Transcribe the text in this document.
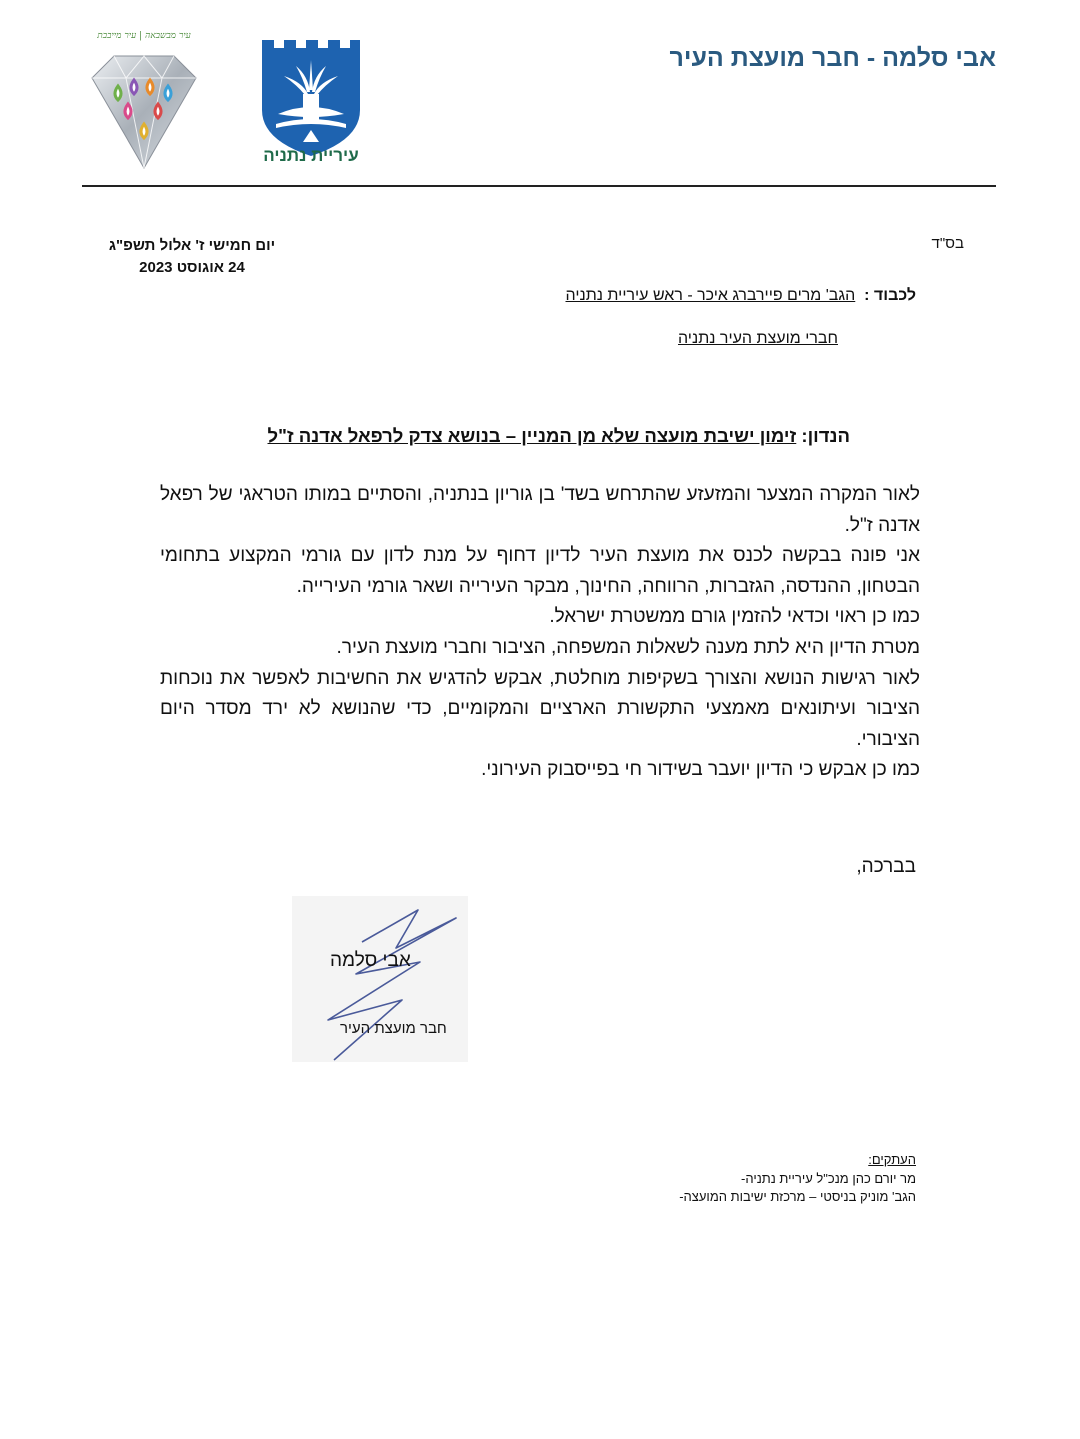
אבי סלמה - חבר מועצת העיר
עיריית נתניה
עיר מבשבאה | עיר מייבבת
בס"ד
יום חמישי ז' אלול תשפ"ג
24 אוגוסט 2023
לכבוד :  הגב' מרים פיירברג איכר - ראש עיריית נתניה
חברי מועצת העיר נתניה
הנדון: זימון ישיבת מועצה שלא מן המניין – בנושא צדק לרפאל אדנה ז"ל

לאור המקרה המצער והמזעזע שהתרחש בשד' בן גוריון בנתניה, והסתיים במותו הטראגי של רפאל אדנה ז"ל.

אני פונה בבקשה לכנס את מועצת העיר לדיון דחוף על מנת לדון עם גורמי המקצוע בתחומי הבטחון, ההנדסה, הגזברות, הרווחה, החינוך, מבקר העירייה ושאר גורמי העירייה.

כמו כן ראוי וכדאי להזמין גורם ממשטרת ישראל.

מטרת הדיון היא לתת מענה לשאלות המשפחה, הציבור וחברי מועצת העיר.

לאור רגישות הנושא והצורך בשקיפות מוחלטת, אבקש להדגיש את החשיבות לאפשר את נוכחות הציבור ועיתונאים מאמצעי התקשורת הארציים והמקומיים, כדי שהנושא לא ירד מסדר היום הציבורי.

כמו כן אבקש כי הדיון יועבר בשידור חי בפייסבוק העירוני.

בברכה,
אבי סלמה
חבר מועצת העיר
העתקים:
מר יורם כהן מנכ"ל עיריית נתניה-
הגב' מוניק בניסטי – מרכזת ישיבות המועצה-
